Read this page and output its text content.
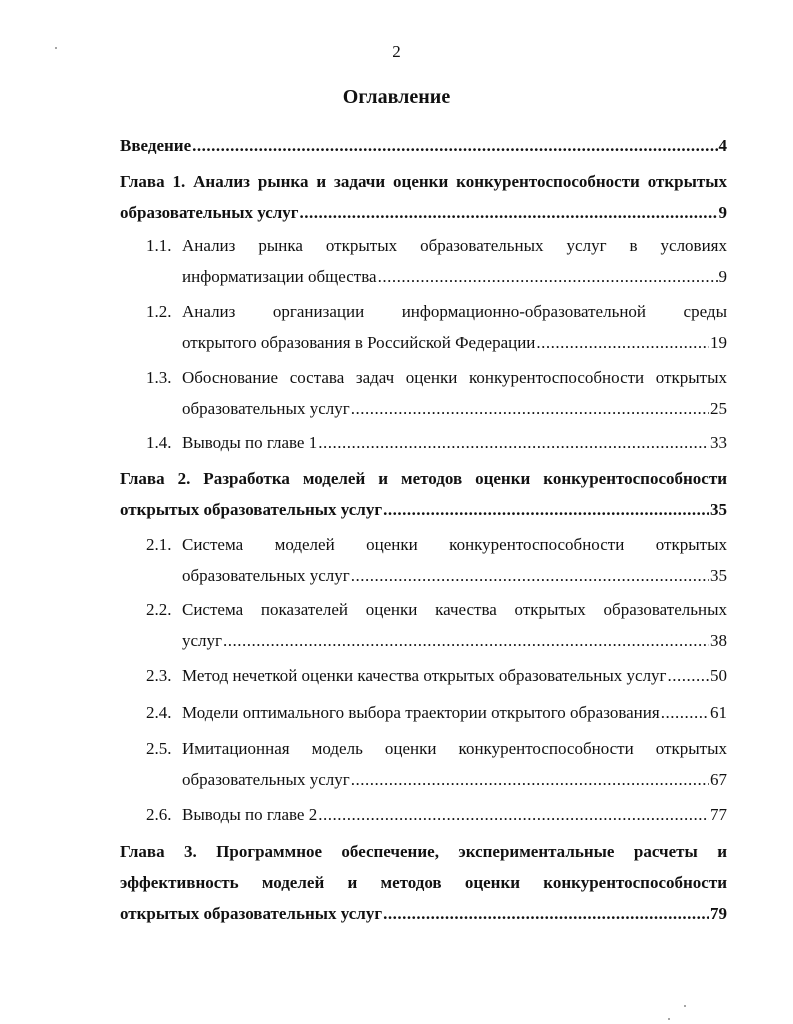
2
Оглавление
Введение .....	4
Глава 1. Анализ рынка и задачи оценки конкурентоспособности открытых
образовательных услуг .....	9
1.1. Анализ рынка открытых образовательных услуг в условиях
информатизации общества .....	9
1.2. Анализ организации информационно-образовательной среды
открытого образования в Российской Федерации .....	19
1.3. Обоснование состава задач оценки конкурентоспособности открытых
образовательных услуг .....	25
1.4. Выводы по главе 1 .....	33
Глава 2. Разработка моделей и методов оценки конкурентоспособности
открытых образовательных услуг .....	35
2.1. Система моделей оценки конкурентоспособности открытых
образовательных услуг .....	35
2.2. Система показателей оценки качества открытых образовательных
услуг .....	38
2.3. Метод нечеткой оценки качества открытых образовательных услуг .....	50
2.4. Модели оптимального выбора траектории открытого образования .....	61
2.5. Имитационная модель оценки конкурентоспособности открытых
образовательных услуг .....	67
2.6. Выводы по главе 2 .....	77
Глава 3. Программное обеспечение, экспериментальные расчеты и
эффективность моделей и методов оценки конкурентоспособности
открытых образовательных услуг .....	79
